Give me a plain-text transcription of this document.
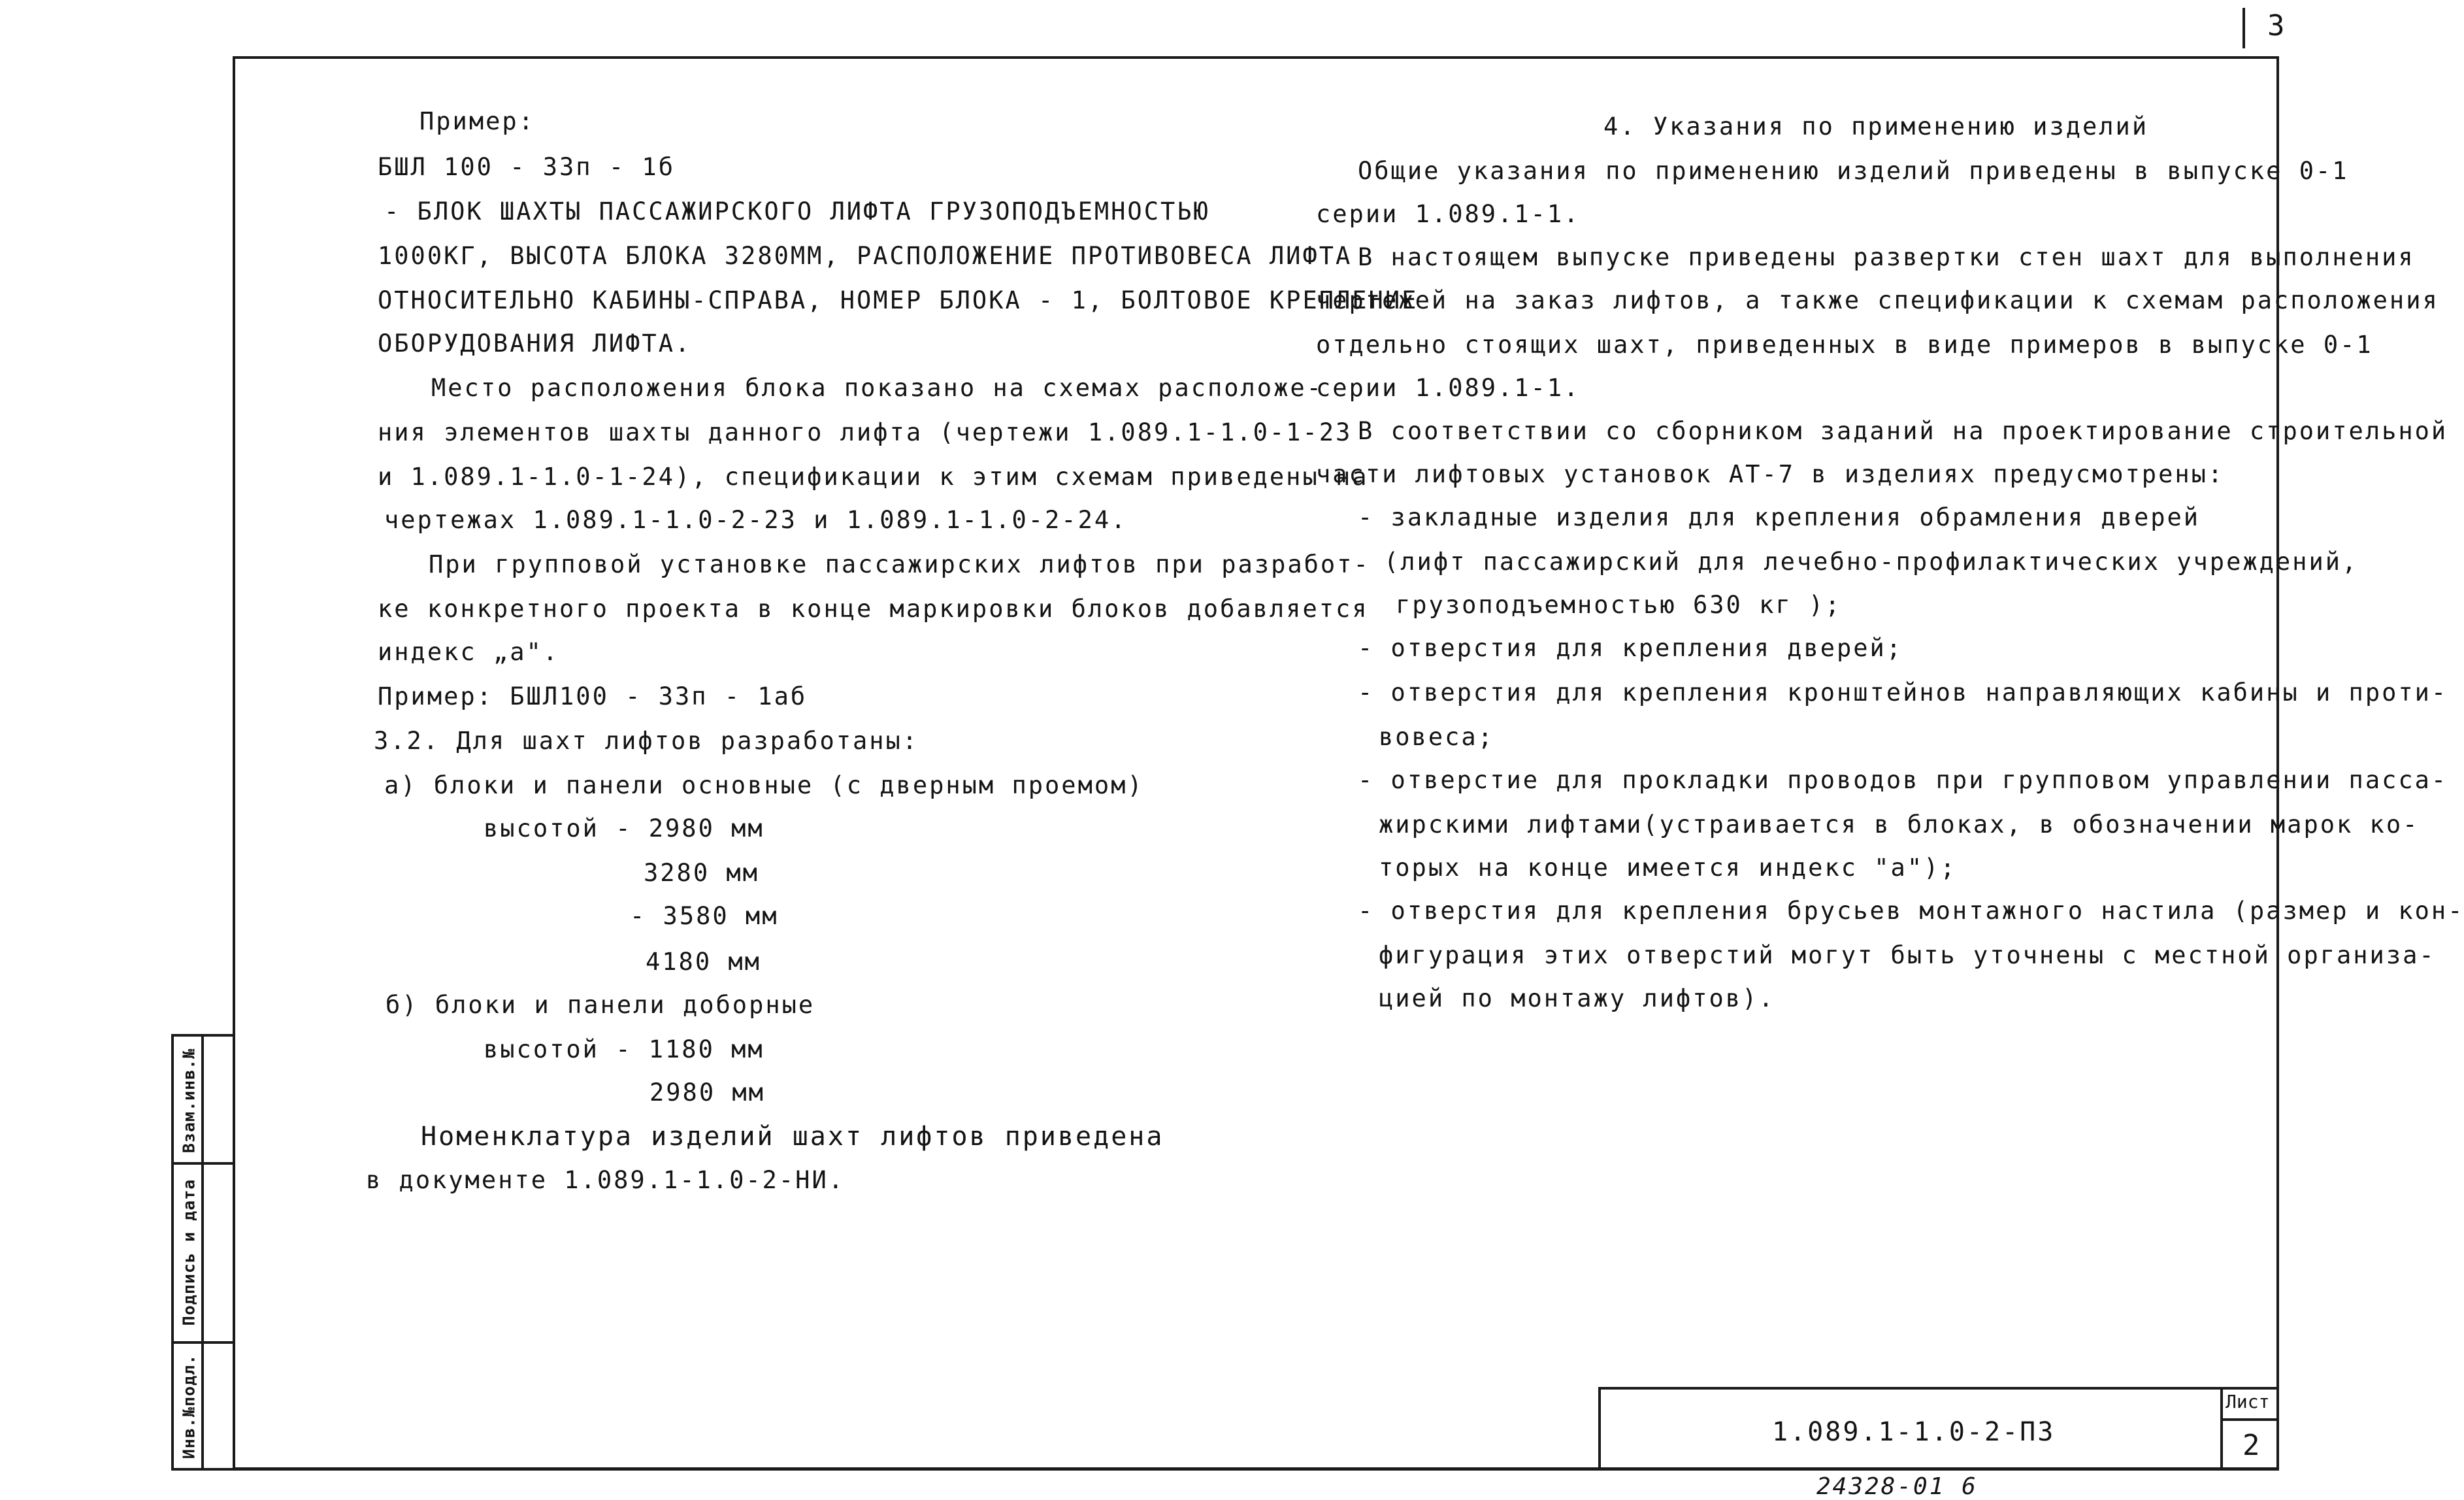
3
Пример:
БШЛ 100 - 33п - 1б
- БЛОК ШАХТЫ ПАССАЖИРСКОГО ЛИФТА ГРУЗОПОДЪЕМНОСТЬЮ
1000КГ, ВЫСОТА БЛОКА 3280ММ, РАСПОЛОЖЕНИЕ ПРОТИВОВЕСА ЛИФТА
ОТНОСИТЕЛЬНО КАБИНЫ-СПРАВА, НОМЕР БЛОКА - 1, БОЛТОВОЕ КРЕПЛЕНИЕ
ОБОРУДОВАНИЯ ЛИФТА.
Место расположения блока показано на схемах расположе-
ния элементов шахты данного лифта (чертежи 1.089.1-1.0-1-23
и 1.089.1-1.0-1-24), спецификации к этим схемам приведены на
чертежах 1.089.1-1.0-2-23 и 1.089.1-1.0-2-24.
При групповой установке пассажирских лифтов при разработ-
ке конкретного проекта в конце маркировки блоков добавляется
индекс „а".
Пример: БШЛ100 - 33п - 1аб
3.2. Для шахт лифтов разработаны:
а) блоки и панели основные (с дверным проемом)
высотой - 2980 мм
3280 мм
- 3580 мм
4180 мм
б) блоки и панели доборные
высотой - 1180 мм
2980 мм
Номенклатура изделий шахт лифтов приведена
в документе 1.089.1-1.0-2-НИ.
4. Указания по применению изделий
Общие указания по применению изделий приведены в выпуске 0-1
серии 1.089.1-1.
В настоящем выпуске приведены развертки стен шахт для выполнения
чертежей на заказ лифтов, а также спецификации к схемам расположения
отдельно стоящих шахт, приведенных в виде примеров в выпуске 0-1
серии 1.089.1-1.
В соответствии со сборником заданий на проектирование строительной
части лифтовых установок АТ-7 в изделиях предусмотрены:
- закладные изделия для крепления обрамления дверей
(лифт пассажирский для лечебно-профилактических учреждений,
грузоподъемностью 630 кг );
- отверстия для крепления дверей;
- отверстия для крепления кронштейнов направляющих кабины и проти-
вовеса;
- отверстие для прокладки проводов при групповом управлении пасса-
жирскими лифтами(устраивается в блоках, в обозначении марок ко-
торых на конце имеется индекс "а");
- отверстия для крепления брусьев монтажного настила (размер и кон-
фигурация этих отверстий могут быть уточнены с местной организа-
цией по монтажу лифтов).
Взам.инв.№
Подпись и дата
Инв.№подл.	1.089.1-1.0-2-П3
Лист
2
24328-01 6
